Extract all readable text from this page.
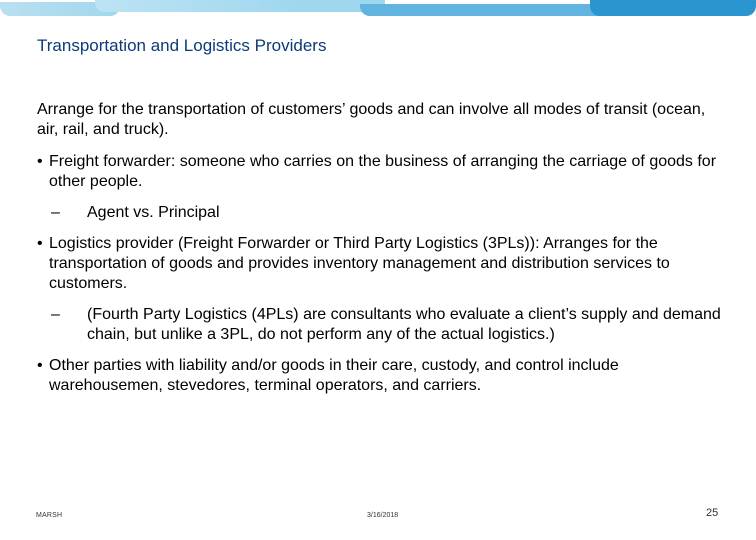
Transportation and Logistics Providers

Arrange for the transportation of customers’ goods and can involve all modes of transit (ocean, air, rail, and truck).

• Freight forwarder: someone who carries on the business of arranging the carriage of goods for other people.
– Agent vs. Principal
• Logistics provider (Freight Forwarder or Third Party Logistics (3PLs)): Arranges for the transportation of goods and provides inventory management and distribution services to customers.
– (Fourth Party Logistics (4PLs) are consultants who evaluate a client’s supply and demand chain, but unlike a 3PL, do not perform any of the actual logistics.)
• Other parties with liability and/or goods in their care, custody, and control include warehousemen, stevedores, terminal operators, and carriers.
MARSH	3/16/2018	25
